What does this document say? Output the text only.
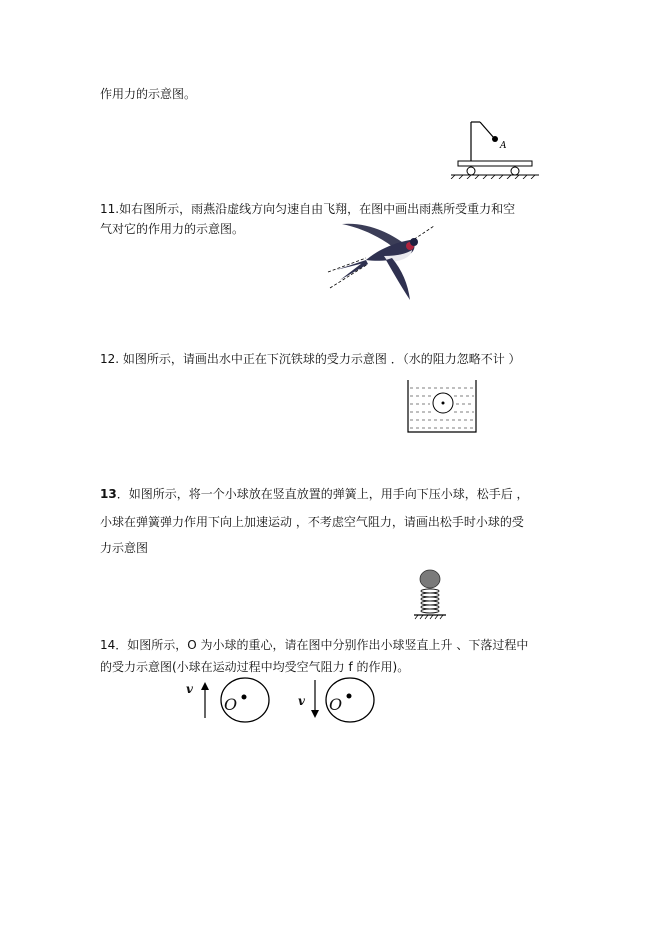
作用力的示意图。
A
11.如右图所示，雨燕沿虚线方向匀速自由飞翔，在图中画出雨燕所受重力和空
气对它的作用力的示意图。
12. 如图所示，请画出水中正在下沉铁球的受力示意图 ．（水的阻力忽略不计 ）
13．如图所示，将一个小球放在竖直放置的弹簧上，用手向下压小球，松手后 ，
小球在弹簧弹力作用下向上加速运动 ，不考虑空气阻力，请画出松手时小球的受
力示意图
14．如图所示，O 为小球的重心，请在图中分别作出小球竖直上升 、下落过程中
的受力示意图(小球在运动过程中均受空气阻力 f 的作用)。
v
O	v O
